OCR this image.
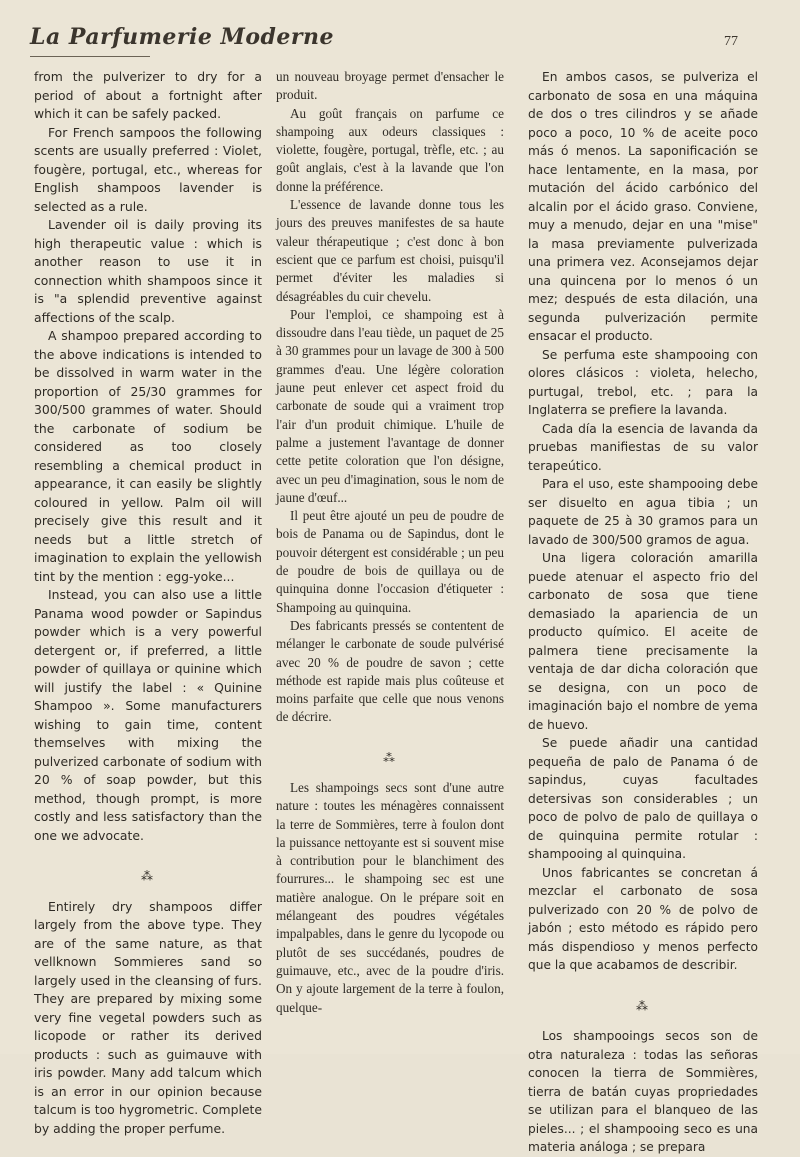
La Parfumerie Moderne	77

from the pulverizer to dry for a period of about a fortnight after which it can be safely packed.

For French sampoos the following scents are usually preferred : Violet, fougère, portugal, etc., whereas for English shampoos lavender is selected as a rule.

Lavender oil is daily proving its high therapeutic value : which is another reason to use it in connection whith shampoos since it is "a splendid preventive against affections of the scalp.

A shampoo prepared according to the above indications is intended to be dissolved in warm water in the proportion of 25/30 grammes for 300/500 grammes of water. Should the carbonate of sodium be considered as too closely resembling a chemical product in appearance, it can easily be slightly coloured in yellow. Palm oil will precisely give this result and it needs but a little stretch of imagination to explain the yellowish tint by the mention : egg-yoke...

Instead, you can also use a little Panama wood powder or Sapindus powder which is a very powerful detergent or, if preferred, a little powder of quillaya or quinine which will justify the label : « Quinine Shampoo ». Some manufacturers wishing to gain time, content themselves with mixing the pulverized carbonate of sodium with 20 % of soap powder, but this method, though prompt, is more costly and less satisfactory than the one we advocate.

⁂

Entirely dry shampoos differ largely from the above type. They are of the same nature, as that vellknown Sommieres sand so largely used in the cleansing of furs. They are prepared by mixing some very fine vegetal powders such as licopode or rather its derived products : such as guimauve with iris powder. Many add talcum which is an error in our opinion because talcum is too hygrometric. Complete by adding the proper perfume.

un nouveau broyage permet d'ensacher le produit.

Au goût français on parfume ce shampoing aux odeurs classiques : violette, fougère, portugal, trèfle, etc. ; au goût anglais, c'est à la lavande que l'on donne la préférence.

L'essence de lavande donne tous les jours des preuves manifestes de sa haute valeur thérapeutique ; c'est donc à bon escient que ce parfum est choisi, puisqu'il permet d'éviter les maladies si désagréables du cuir chevelu.

Pour l'emploi, ce shampoing est à dissoudre dans l'eau tiède, un paquet de 25 à 30 grammes pour un lavage de 300 à 500 grammes d'eau. Une légère coloration jaune peut enlever cet aspect froid du carbonate de soude qui a vraiment trop l'air d'un produit chimique. L'huile de palme a justement l'avantage de donner cette petite coloration que l'on désigne, avec un peu d'imagination, sous le nom de jaune d'œuf...

Il peut être ajouté un peu de poudre de bois de Panama ou de Sapindus, dont le pouvoir détergent est considérable ; un peu de poudre de bois de quillaya ou de quinquina donne l'occasion d'étiqueter : Shampoing au quinquina.

Des fabricants pressés se contentent de mélanger le carbonate de soude pulvérisé avec 20 % de poudre de savon ; cette méthode est rapide mais plus coûteuse et moins parfaite que celle que nous venons de décrire.

⁂

Les shampoings secs sont d'une autre nature : toutes les ménagères connaissent la terre de Sommières, terre à foulon dont la puissance nettoyante est si souvent mise à contribution pour le blanchiment des fourrures... le shampoing sec est une matière analogue. On le prépare soit en mélangeant des poudres végétales impalpables, dans le genre du lycopode ou plutôt de ses succédanés, poudres de guimauve, etc., avec de la poudre d'iris. On y ajoute largement de la terre à foulon, quelque-

En ambos casos, se pulveriza el carbonato de sosa en una máquina de dos o tres cilindros y se añade poco a poco, 10 % de aceite poco más ó menos. La saponificación se hace lentamente, en la masa, por mutación del ácido carbónico del alcalin por el ácido graso. Conviene, muy a menudo, dejar en una "mise" la masa previamente pulverizada una primera vez. Aconsejamos dejar una quincena por lo menos ó un mez; después de esta dilación, una segunda pulverización permite ensacar el producto.

Se perfuma este shampooing con olores clásicos : violeta, helecho, purtugal, trebol, etc. ; para la Inglaterra se prefiere la lavanda.

Cada día la esencia de lavanda da pruebas manifiestas de su valor terapeútico.

Para el uso, este shampooing debe ser disuelto en agua tibia ; un paquete de 25 à 30 gramos para un lavado de 300/500 gramos de agua.

Una ligera coloración amarilla puede atenuar el aspecto frio del carbonato de sosa que tiene demasiado la apariencia de un producto químico. El aceite de palmera tiene precisamente la ventaja de dar dicha coloración que se designa, con un poco de imaginación bajo el nombre de yema de huevo.

Se puede añadir una cantidad pequeña de palo de Panama ó de sapindus, cuyas facultades detersivas son considerables ; un poco de polvo de palo de quillaya o de quinquina permite rotular : shampooing al quinquina.

Unos fabricantes se concretan á mezclar el carbonato de sosa pulverizado con 20 % de polvo de jabón ; esto método es rápido pero más dispendioso y menos perfecto que la que acabamos de describir.

⁂

Los shampooings secos son de otra naturaleza : todas las señoras conocen la tierra de Sommières, tierra de batán cuyas propriedades se utilizan para el blanqueo de las pieles... ; el shampooing seco es una materia análoga ; se prepara
